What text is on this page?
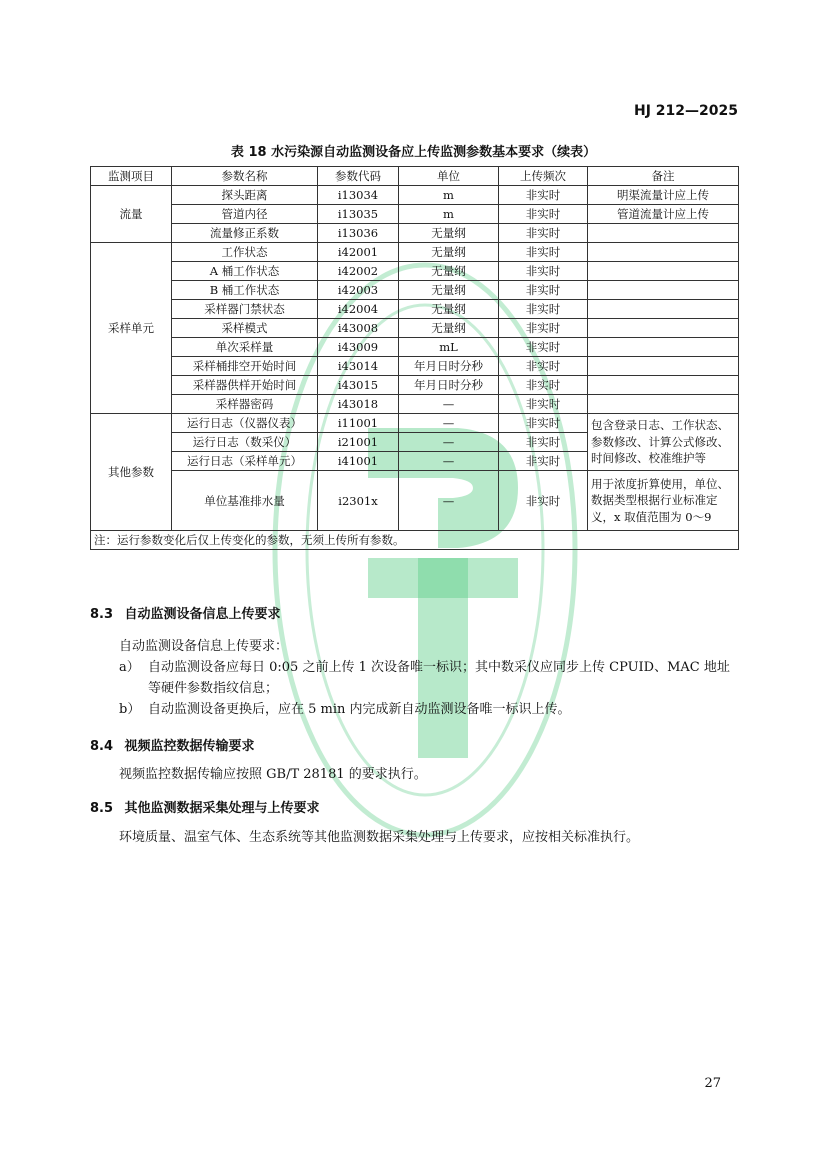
HJ 212—2025
表 18 水污染源自动监测设备应上传监测参数基本要求（续表）
监测项目	参数名称	参数代码	单位	上传频次	备注
流量	探头距离	i13034	m	非实时	明渠流量计应上传
	管道内径	i13035	m	非实时	管道流量计应上传
	流量修正系数	i13036	无量纲	非实时	
采样单元	工作状态	i42001	无量纲	非实时	
	A 桶工作状态	i42002	无量纲	非实时	
	B 桶工作状态	i42003	无量纲	非实时	
	采样器门禁状态	i42004	无量纲	非实时	
	采样模式	i43008	无量纲	非实时	
	单次采样量	i43009	mL	非实时	
	采样桶排空开始时间	i43014	年月日时分秒	非实时	
	采样器供样开始时间	i43015	年月日时分秒	非实时	
	采样器密码	i43018	—	非实时	
其他参数	运行日志（仪器仪表）	i11001	—	非实时	包含登录日志、工作状态、参数修改、计算公式修改、时间修改、校准维护等
	运行日志（数采仪）	i21001	—	非实时	
	运行日志（采样单元）	i41001	—	非实时	
	单位基准排水量	i2301x	—	非实时	用于浓度折算使用，单位、数据类型根据行业标准定义，x 取值范围为 0～9
注：运行参数变化后仅上传变化的参数，无须上传所有参数。					
8.3 自动监测设备信息上传要求
自动监测设备信息上传要求：
a） 自动监测设备应每日 0:05 之前上传 1 次设备唯一标识；其中数采仪应同步上传 CPUID、MAC 地址等硬件参数指纹信息；
b） 自动监测设备更换后，应在 5 min 内完成新自动监测设备唯一标识上传。
8.4 视频监控数据传输要求
视频监控数据传输应按照 GB/T 28181 的要求执行。
8.5 其他监测数据采集处理与上传要求
环境质量、温室气体、生态系统等其他监测数据采集处理与上传要求，应按相关标准执行。
27
